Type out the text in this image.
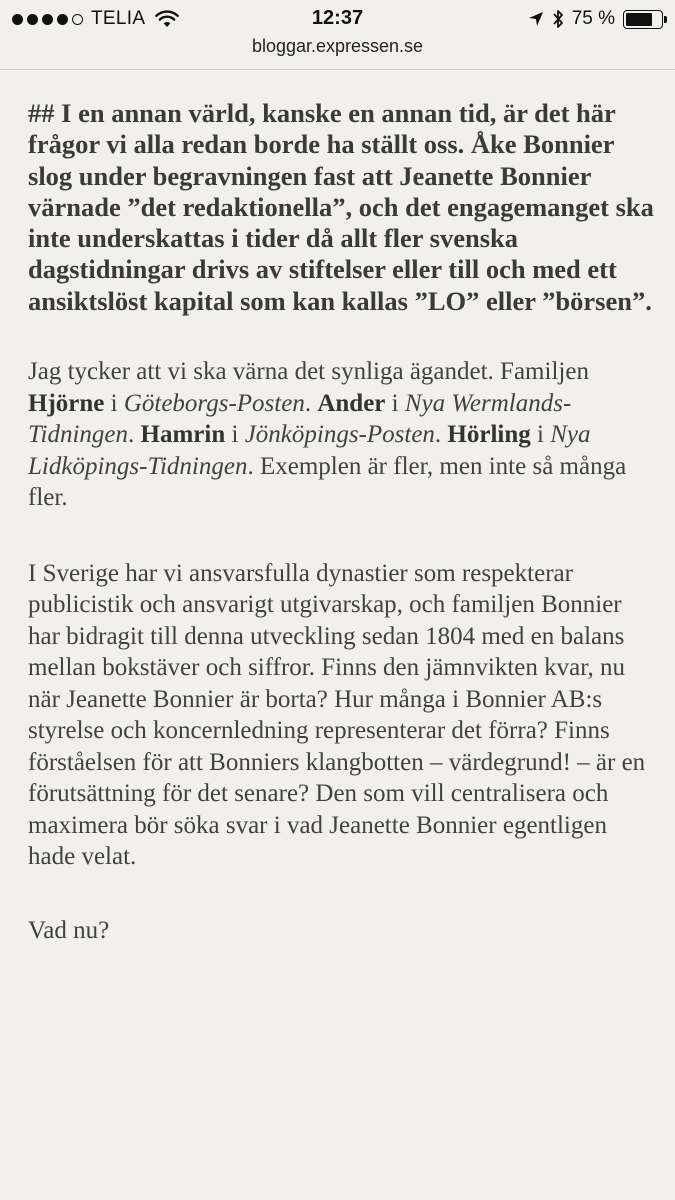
TELIA	12:37	75 %
bloggar.expressen.se

## I en annan värld, kanske en annan tid, är det här frågor vi alla redan borde ha ställt oss. Åke Bonnier slog under begravningen fast att Jeanette Bonnier värnade ”det redaktionella”, och det engagemanget ska inte underskattas i tider då allt fler svenska dagstidningar drivs av stiftelser eller till och med ett ansiktslöst kapital som kan kallas ”LO” eller ”börsen”.

Jag tycker att vi ska värna det synliga ägandet. Familjen Hjörne i Göteborgs-Posten. Ander i Nya Wermlands-Tidningen. Hamrin i Jönköpings-Posten. Hörling i Nya Lidköpings-Tidningen. Exemplen är fler, men inte så många fler.

I Sverige har vi ansvarsfulla dynastier som respekterar publicistik och ansvarigt utgivarskap, och familjen Bonnier har bidragit till denna utveckling sedan 1804 med en balans mellan bokstäver och siffror. Finns den jämnvikten kvar, nu när Jeanette Bonnier är borta? Hur många i Bonnier AB:s styrelse och koncernledning representerar det förra? Finns förståelsen för att Bonniers klangbotten – värdegrund! – är en förutsättning för det senare? Den som vill centralisera och maximera bör söka svar i vad Jeanette Bonnier egentligen hade velat.

Vad nu?
